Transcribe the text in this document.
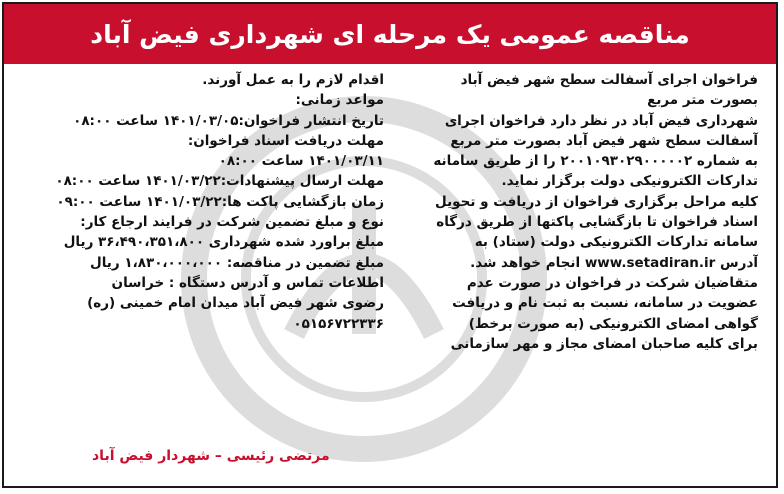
مناقصه عمومی یک مرحله ای شهرداری فیض آباد
فراخوان اجرای آسفالت سطح شهر فیض آباد
بصورت متر مربع
شهرداری فیض آباد در نظر دارد فراخوان اجرای
آسفالت سطح شهر فیض آباد بصورت متر مربع
به شماره ۲۰۰۱۰۹۳۰۲۹۰۰۰۰۰۲ را از طریق سامانه
تدارکات الکترونیکی دولت برگزار نماید.
کلیه مراحل برگزاری فراخوان از دریافت و تحویل
اسناد فراخوان تا بازگشایی پاکتها از طریق درگاه
سامانه تدارکات الکترونیکی دولت (ستاد) به
آدرس www.setadiran.ir انجام خواهد شد.
متقاضیان شرکت در فراخوان در صورت عدم
عضویت در سامانه، نسبت به ثبت نام و دریافت
گواهی امضای الکترونیکی (به صورت برخط)
برای کلیه صاحبان امضای مجاز و مهر سازمانی
اقدام لازم را به عمل آورند.
مواعد زمانی:
تاریخ انتشار فراخوان:۱۴۰۱/۰۳/۰۵ ساعت ۰۸:۰۰
مهلت دریافت اسناد فراخوان:
۱۴۰۱/۰۳/۱۱ ساعت ۰۸:۰۰
مهلت ارسال پیشنهادات:۱۴۰۱/۰۳/۲۲ ساعت ۰۸:۰۰
زمان بازگشایی پاکت ها:۱۴۰۱/۰۳/۲۲ ساعت ۰۹:۰۰
نوع و مبلغ تضمین شرکت در فرایند ارجاع کار:
مبلغ براورد شده شهرداری ۳۶،۴۹۰،۳۵۱،۸۰۰ ریال
مبلغ تضمین در مناقصه: ۱،۸۳۰،۰۰۰،۰۰۰ ریال
اطلاعات تماس و آدرس دستگاه : خراسان
رضوی شهر فیض آباد میدان امام خمینی (ره)
۰۵۱۵۶۷۲۲۳۳۶
مرتضی رئیسی – شهردار فیض آباد
